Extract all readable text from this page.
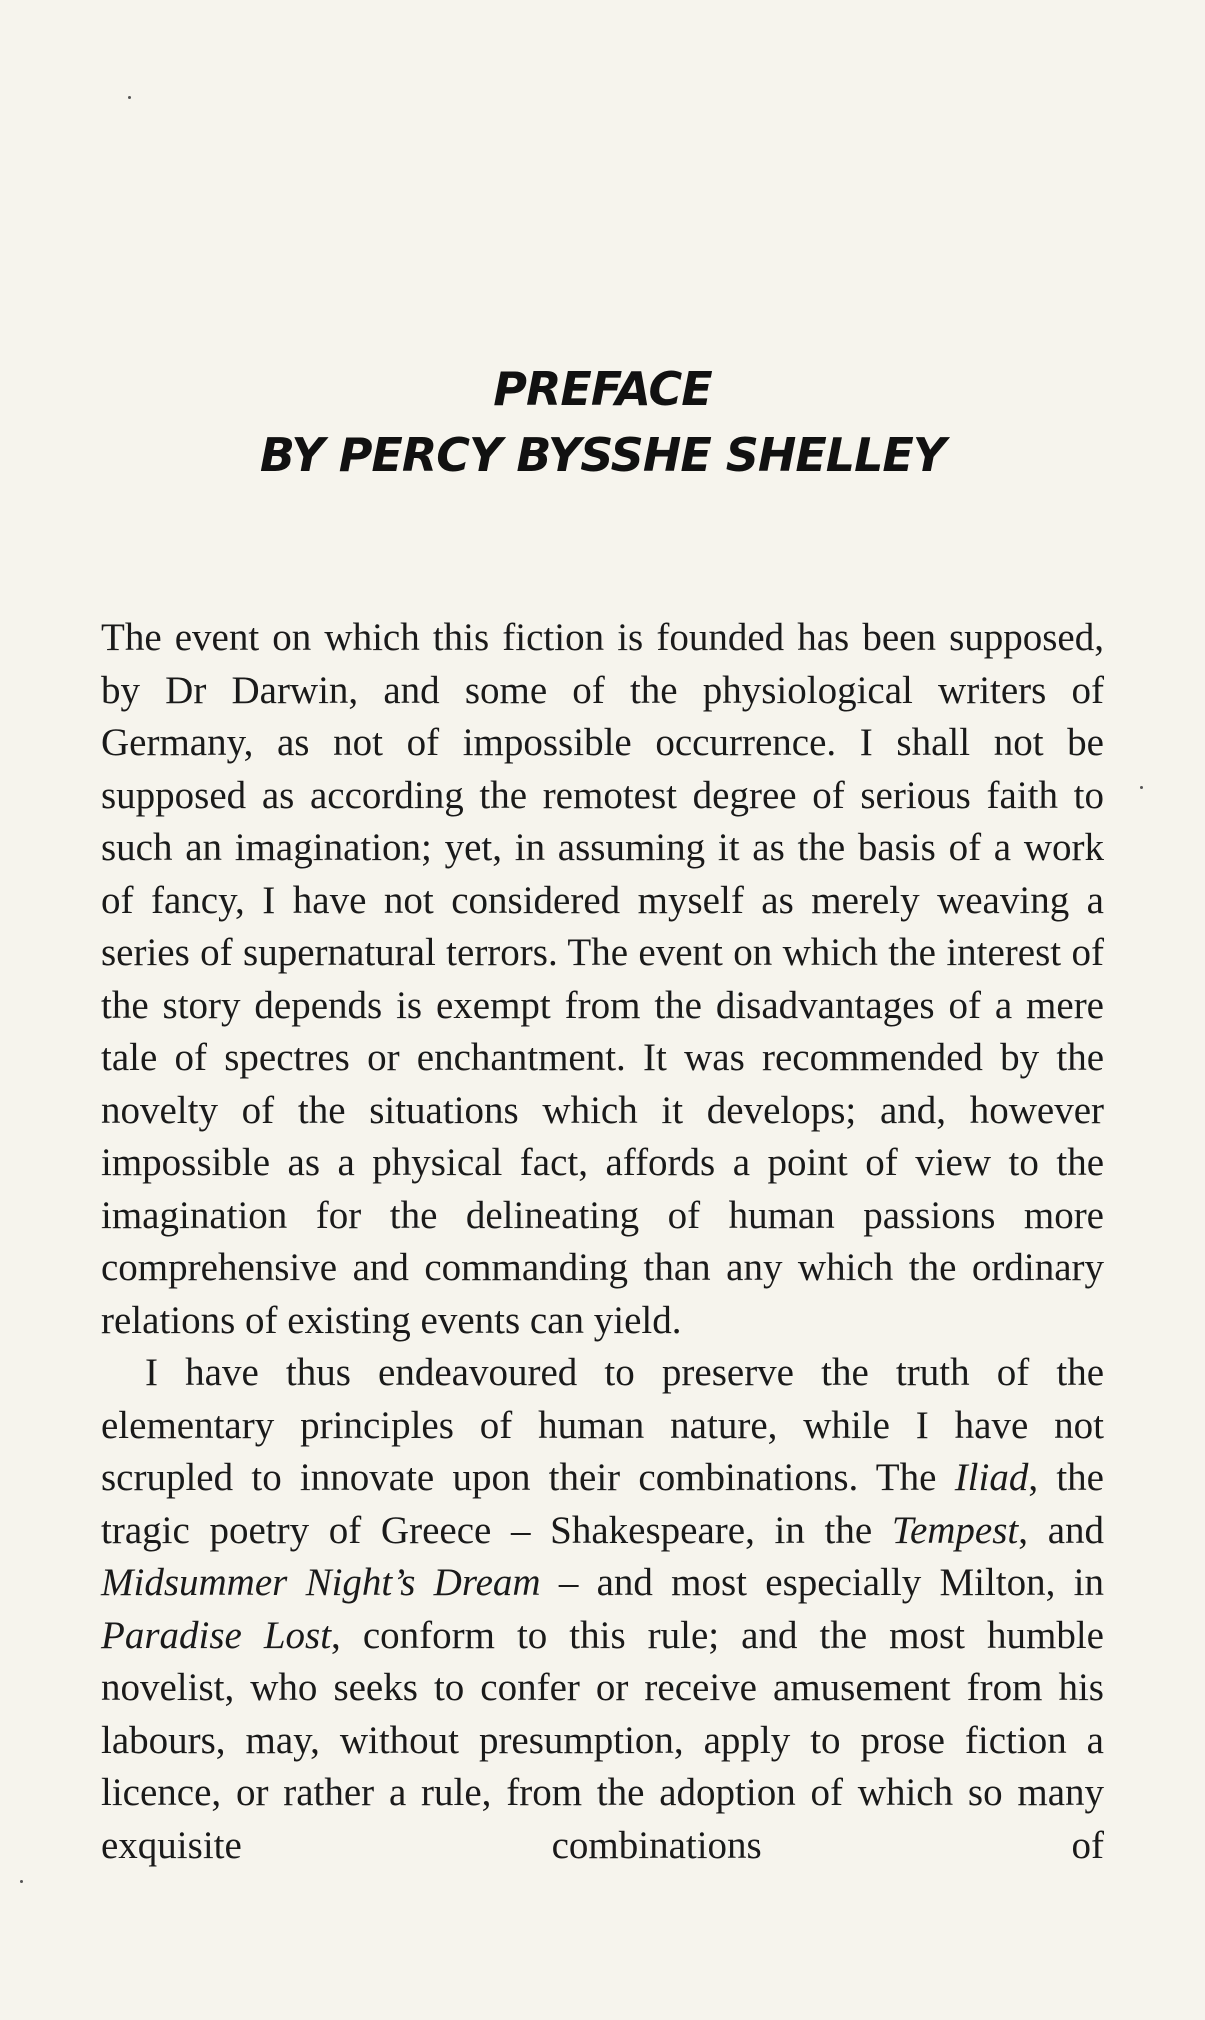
PREFACE
BY PERCY BYSSHE SHELLEY

The event on which this fiction is founded has been supposed, by Dr Darwin, and some of the physiological writers of Germany, as not of impossible occurrence. I shall not be supposed as according the remotest degree of serious faith to such an imagination; yet, in assuming it as the basis of a work of fancy, I have not considered myself as merely weaving a series of supernatural terrors. The event on which the interest of the story depends is exempt from the disadvantages of a mere tale of spectres or enchantment. It was recommended by the novelty of the situations which it develops; and, however impossible as a physical fact, affords a point of view to the imagination for the delineating of human passions more comprehensive and commanding than any which the ordinary relations of existing events can yield.

I have thus endeavoured to preserve the truth of the elementary principles of human nature, while I have not scrupled to innovate upon their combinations. The Iliad, the tragic poetry of Greece – Shakespeare, in the Tempest, and Midsummer Night’s Dream – and most especially Milton, in Paradise Lost, conform to this rule; and the most humble novelist, who seeks to confer or receive amusement from his labours, may, without presumption, apply to prose fiction a licence, or rather a rule, from the adoption of which so many exquisite combinations of
